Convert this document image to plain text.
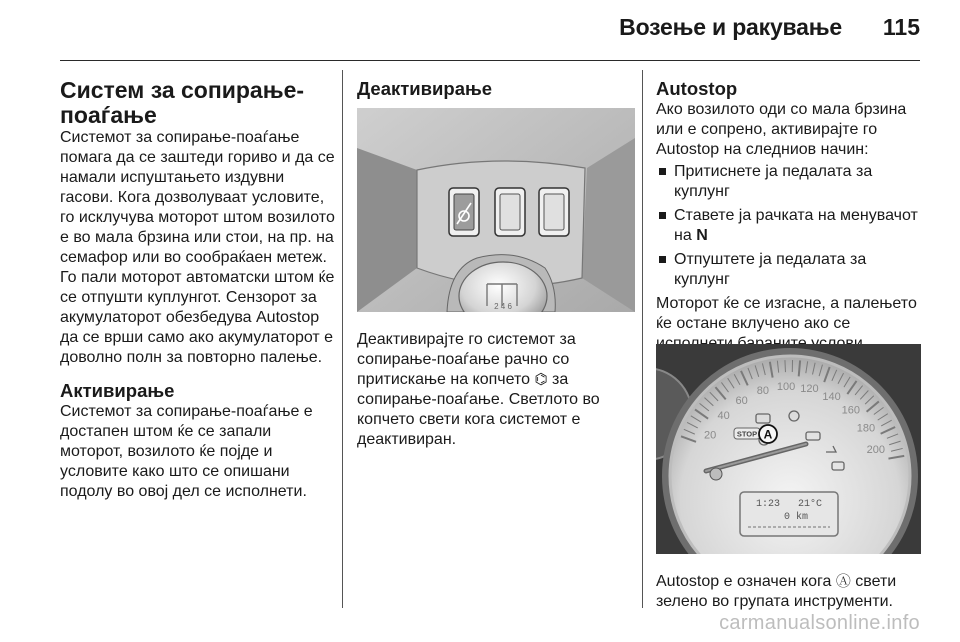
Возење и ракување 115

Систем за сопирање-поаѓање

Системот за сопирање-поаѓање помага да се заштеди гориво и да се намали испуштањето издувни гасови. Кога дозволуваат условите, го исклучува моторот штом возилото е во мала брзина или стои, на пр. на семафор или во сообраќаен метеж. Го пали моторот автоматски штом ќе се отпушти куплунгот. Сензорот за акумулаторот обезбедува Autostop да се врши само ако акумулаторот е доволно полн за повторно палење.

Активирање

Системот за сопирање-поаѓање е достапен штом ќе се запали моторот, возилото ќе појде и условите како што се опишани подолу во овој дел се исполнети.

Деактивирање

2 4 6

Деактивирајте го системот за сопирање-поаѓање рачно со притискање на копчето ⌬ за сопирање-поаѓање. Светлото во копчето свети кога системот е деактивиран.

Autostop

Ако возилото оди со мала брзина или е сопрено, активирајте го Autostop на следниов начин:

Притиснете ја педалата за куплунг
Ставете ја рачката на менувачот на N
Отпуштете ја педалата за куплунг

Моторот ќе се изгасне, а палењето ќе остане вклучено ако се

20
40
60
80 100 120
140
160
180
200
STOP A
1:23   21°C
0 km

Autostop е означен кога Ⓐ свети зелено во групата инструменти.

carmanualsonline.info
